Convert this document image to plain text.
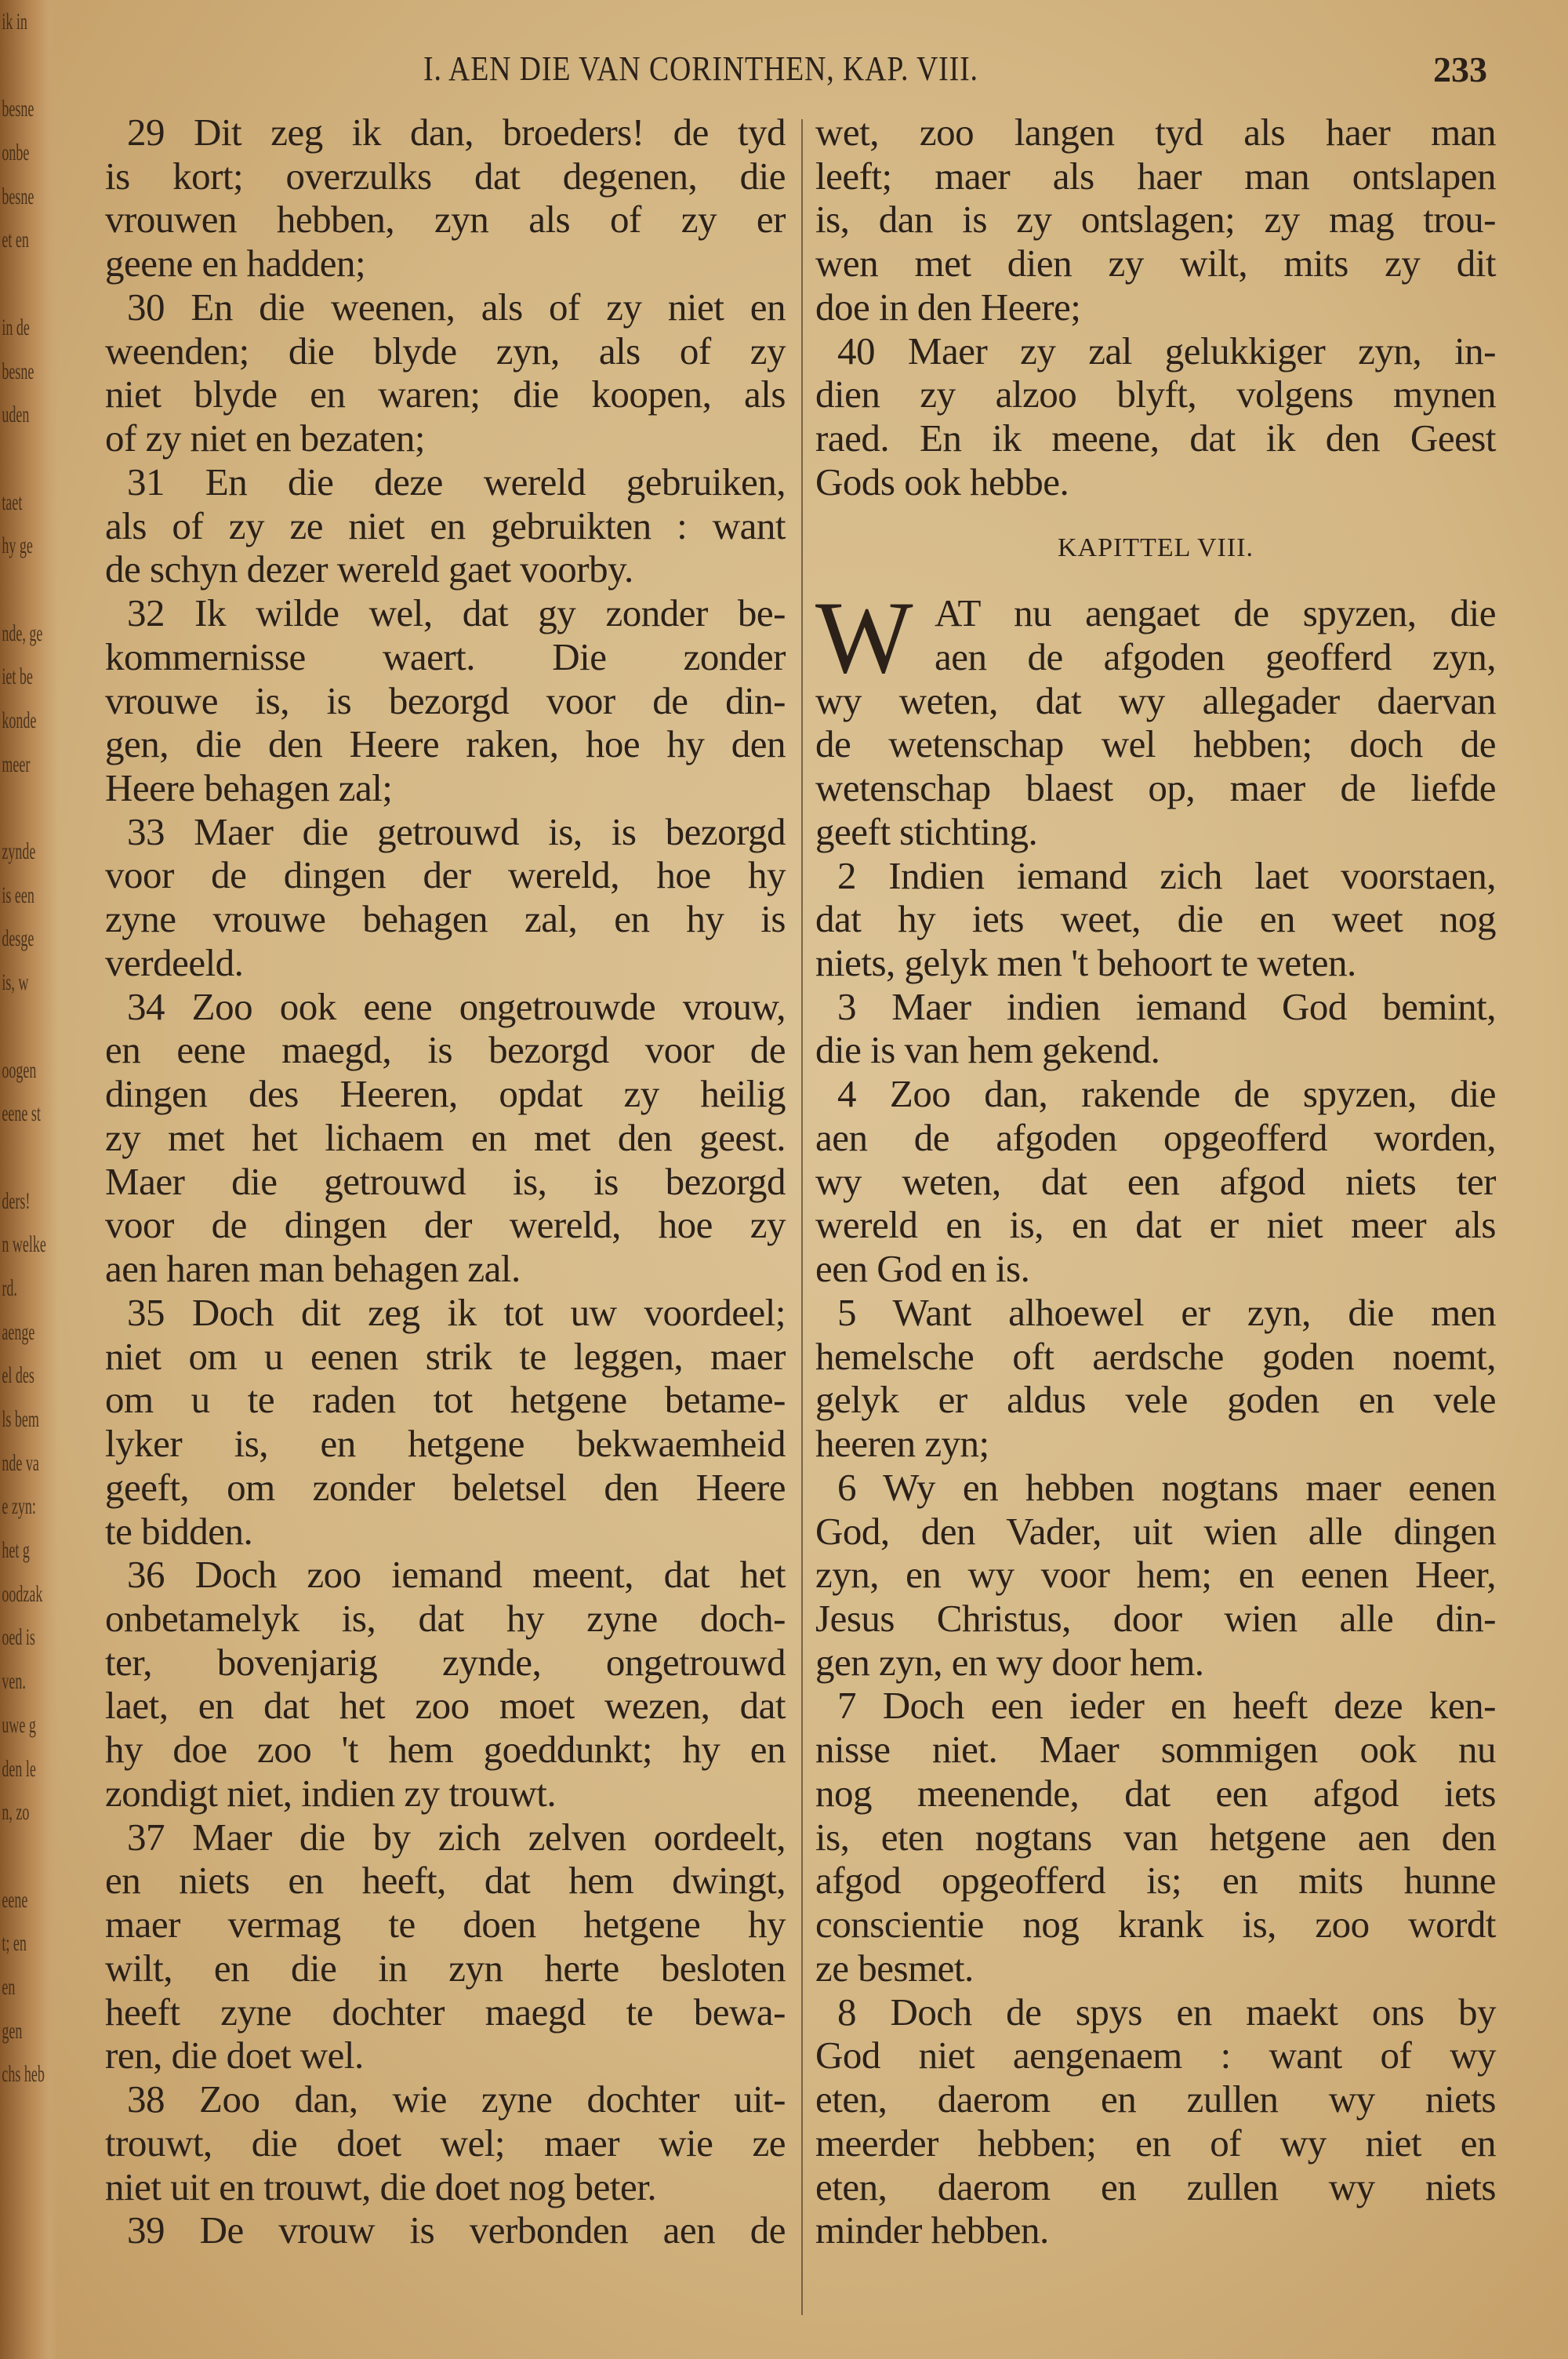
ik in
besne
onbe
besne
et en
in de
besne
uden
taet
hy ge
nde, ge
iet be
konde
meer
zynde
is een
desge
is, w
oogen
eene st
ders!
n welke
rd.
aenge
el des
ls bem
nde va
e zyn:
het g
oodzak
oed is
ven.
uwe g
den le
n, zo
eene
t; en
en
gen
chs heb
I. AEN DIE VAN CORINTHEN, KAP. VIII.	233
29 Dit zeg ik dan, broeders! de tyd
is kort; overzulks dat degenen, die
vrouwen hebben, zyn als of zy er
geene en hadden;
30 En die weenen, als of zy niet en
weenden; die blyde zyn, als of zy
niet blyde en waren; die koopen, als
of zy niet en bezaten;
31 En die deze wereld gebruiken,
als of zy ze niet en gebruikten : want
de schyn dezer wereld gaet voorby.
32 Ik wilde wel, dat gy zonder be-
kommernisse waert. Die zonder
vrouwe is, is bezorgd voor de din-
gen, die den Heere raken, hoe hy den
Heere behagen zal;
33 Maer die getrouwd is, is bezorgd
voor de dingen der wereld, hoe hy
zyne vrouwe behagen zal, en hy is
verdeeld.
34 Zoo ook eene ongetrouwde vrouw,
en eene maegd, is bezorgd voor de
dingen des Heeren, opdat zy heilig
zy met het lichaem en met den geest.
Maer die getrouwd is, is bezorgd
voor de dingen der wereld, hoe zy
aen haren man behagen zal.
35 Doch dit zeg ik tot uw voordeel;
niet om u eenen strik te leggen, maer
om u te raden tot hetgene betame-
lyker is, en hetgene bekwaemheid
geeft, om zonder beletsel den Heere
te bidden.
36 Doch zoo iemand meent, dat het
onbetamelyk is, dat hy zyne doch-
ter, bovenjarig zynde, ongetrouwd
laet, en dat het zoo moet wezen, dat
hy doe zoo 't hem goeddunkt; hy en
zondigt niet, indien zy trouwt.
37 Maer die by zich zelven oordeelt,
en niets en heeft, dat hem dwingt,
maer vermag te doen hetgene hy
wilt, en die in zyn herte besloten
heeft zyne dochter maegd te bewa-
ren, die doet wel.
38 Zoo dan, wie zyne dochter uit-
trouwt, die doet wel; maer wie ze
niet uit en trouwt, die doet nog beter.
39 De vrouw is verbonden aen de
wet, zoo langen tyd als haer man
leeft; maer als haer man ontslapen
is, dan is zy ontslagen; zy mag trou-
wen met dien zy wilt, mits zy dit
doe in den Heere;
40 Maer zy zal gelukkiger zyn, in-
dien zy alzoo blyft, volgens mynen
raed. En ik meene, dat ik den Geest
Gods ook hebbe.
KAPITTEL VIII.
W AT nu aengaet de spyzen, die
aen de afgoden geofferd zyn,
wy weten, dat wy allegader daervan
de wetenschap wel hebben; doch de
wetenschap blaest op, maer de liefde
geeft stichting.
2 Indien iemand zich laet voorstaen,
dat hy iets weet, die en weet nog
niets, gelyk men 't behoort te weten.
3 Maer indien iemand God bemint,
die is van hem gekend.
4 Zoo dan, rakende de spyzen, die
aen de afgoden opgeofferd worden,
wy weten, dat een afgod niets ter
wereld en is, en dat er niet meer als
een God en is.
5 Want alhoewel er zyn, die men
hemelsche oft aerdsche goden noemt,
gelyk er aldus vele goden en vele
heeren zyn;
6 Wy en hebben nogtans maer eenen
God, den Vader, uit wien alle dingen
zyn, en wy voor hem; en eenen Heer,
Jesus Christus, door wien alle din-
gen zyn, en wy door hem.
7 Doch een ieder en heeft deze ken-
nisse niet. Maer sommigen ook nu
nog meenende, dat een afgod iets
is, eten nogtans van hetgene aen den
afgod opgeofferd is; en mits hunne
conscientie nog krank is, zoo wordt
ze besmet.
8 Doch de spys en maekt ons by
God niet aengenaem : want of wy
eten, daerom en zullen wy niets
meerder hebben; en of wy niet en
eten, daerom en zullen wy niets
minder hebben.
